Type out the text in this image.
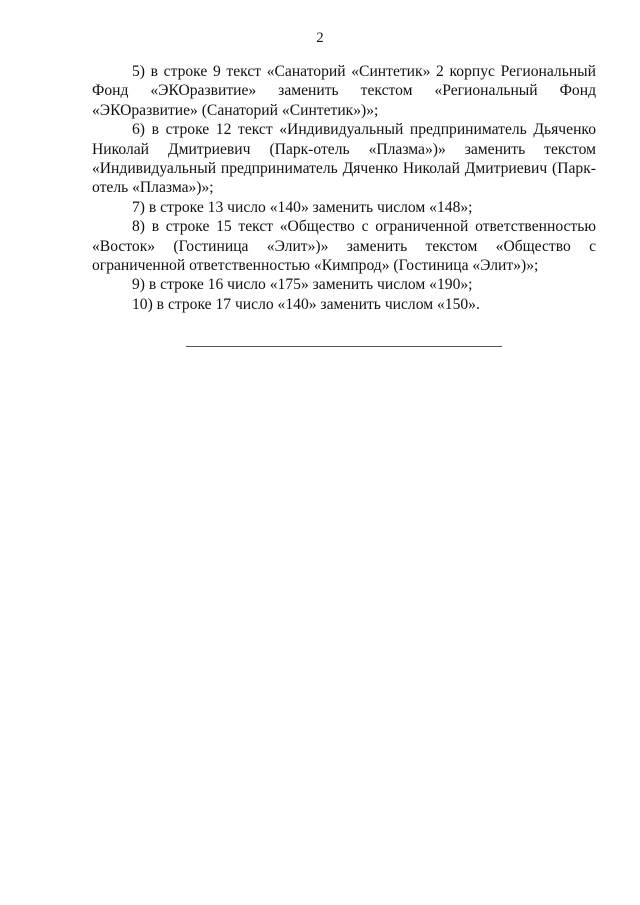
2

5) в строке 9 текст «Санаторий «Синтетик» 2 корпус Региональный Фонд «ЭКОразвитие» заменить текстом «Региональный Фонд «ЭКОразвитие» (Санаторий «Синтетик»)»;

6) в строке 12 текст «Индивидуальный предприниматель Дьяченко Николай Дмитриевич (Парк-отель «Плазма»)» заменить текстом «Индивидуальный предприниматель Дяченко Николай Дмитриевич (Парк-отель «Плазма»)»;

7) в строке 13 число «140» заменить числом «148»;

8) в строке 15 текст «Общество с ограниченной ответственностью «Восток» (Гостиница «Элит»)» заменить текстом «Общество с ограниченной ответственностью «Кимпрод» (Гостиница «Элит»)»;

9) в строке 16 число «175» заменить числом «190»;

10) в строке 17 число «140» заменить числом «150».
